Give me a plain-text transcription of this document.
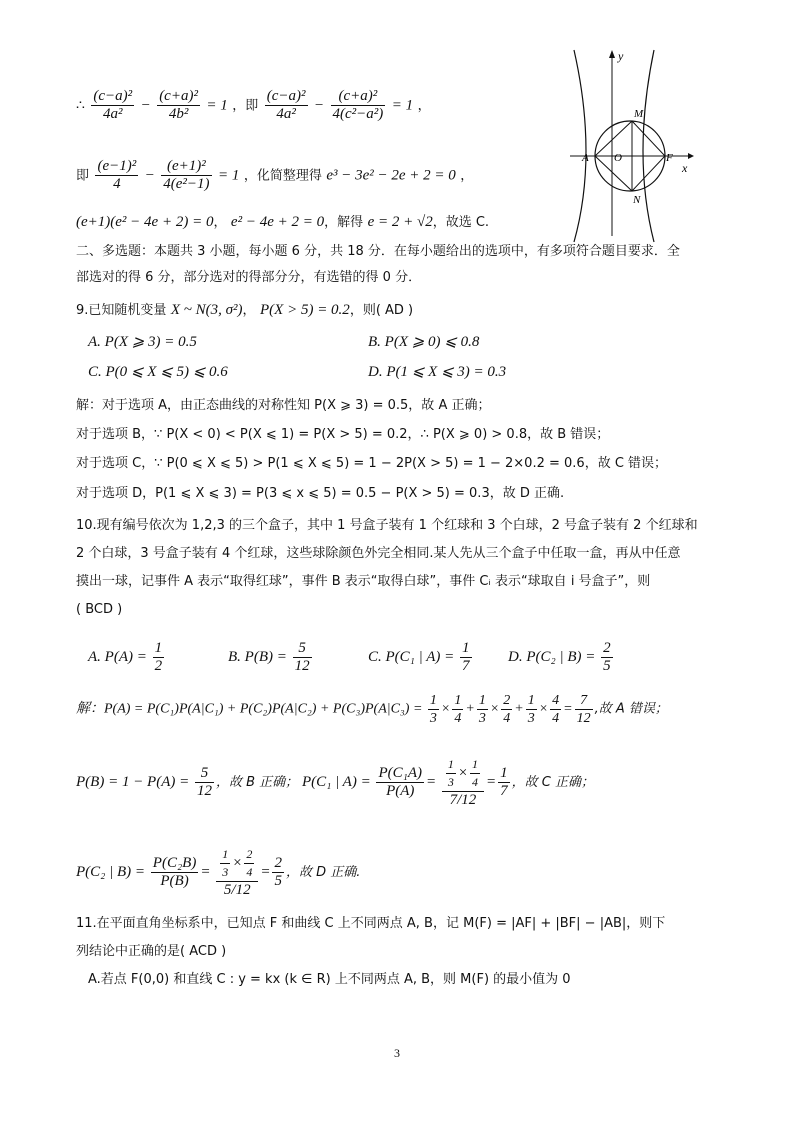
∴ $\frac{\text{(c−a)²}}{\text{4a²}} - \frac{\text{(c+a)²}}{\text{4b²}} = 1$ ，即 $\frac{\text{(c−a)²}}{\text{4a²}} - \frac{\text{(c+a)²}}{\text{4(c²−a²)}} = 1$ ，
即 $\frac{\text{(e−1)²}}{4} - \frac{\text{(e+1)²}}{\text{4(e²−1)}} = 1$ ，化简整理得 e³ − 3e² − 2e + 2 = 0 ，
(e+1)(e² − 4e + 2) = 0， e² − 4e + 2 = 0，解得 e = 2 + √2，故选 C.
y
x
M
A O	F
N
二、多选题：本题共 3 小题，每小题 6 分，共 18 分．在每小题给出的选项中，有多项符合题目要求．全
部选对的得 6 分，部分选对的得部分分，有选错的得 0 分．
9.已知随机变量 X ~ N(3, σ²)， P(X > 5) = 0.2，则( AD )
A. P(X ⩾ 3) = 0.5	B. P(X ⩾ 0) ⩽ 0.8
C. P(0 ⩽ X ⩽ 5) ⩽ 0.6	D. P(1 ⩽ X ⩽ 3) = 0.3
解：对于选项 A，由正态曲线的对称性知 P(X ⩾ 3) = 0.5，故 A 正确；
对于选项 B，∵ P(X < 0) < P(X ⩽ 1) = P(X > 5) = 0.2，∴ P(X ⩾ 0) > 0.8，故 B 错误；
对于选项 C，∵ P(0 ⩽ X ⩽ 5) > P(1 ⩽ X ⩽ 5) = 1 − 2P(X > 5) = 1 − 2×0.2 = 0.6，故 C 错误；
对于选项 D，P(1 ⩽ X ⩽ 3) = P(3 ⩽ x ⩽ 5) = 0.5 − P(X > 5) = 0.3，故 D 正确.
10.现有编号依次为 1,2,3 的三个盒子，其中 1 号盒子装有 1 个红球和 3 个白球，2 号盒子装有 2 个红球和
2 个白球，3 号盒子装有 4 个红球，这些球除颜色外完全相同.某人先从三个盒子中任取一盒，再从中任意
摸出一球，记事件 A 表示“取得红球”，事件 B 表示“取得白球”，事件 Cᵢ 表示“球取自 i 号盒子”，则
( BCD )
A. $P(A) = \frac{1}{2}$	B. $P(B) = \frac{5}{12}$	C. P(C₁ | $A) = \frac{1}{7} D$. P(C₂ | $B) = \frac{2}{5}$
解：$P(A) = P(C_1)P(A|C_1) + P(C_2)P(A|C_2) + P(C_3)P(A|C_3) = \frac{1}{3} \times \frac{1}{4} + \frac{1}{3} \times \frac{2}{4} + \frac{1}{3} \times \frac{4}{4} = \frac{7}{12}$ ,故 A 错误；
$P(B) = 1 - P(A) = \frac{5}{12}$ ，故 B 正确； P(C₁ | $A) = \frac{\text{P(C₁A)}}{P(A)} = \frac{\frac{1}{3} \times \frac{1}{4}}{7/12} = \frac{1}{7}$ ，故 C 正确；
P(C₂ | $B) = \frac{\text{P(C₂B)}}{P(B)} = \frac{\frac{1}{3} \times \frac{2}{4}}{5/12} = \frac{2}{5}$ ，故 D 正确.
11.在平面直角坐标系中，已知点 F 和曲线 C 上不同两点 A, B，记 M(F) = |AF| + |BF| − |AB|，则下
列结论中正确的是( ACD )
A.若点 F(0,0) 和直线 C : y = kx (k ∈ R) 上不同两点 A, B，则 M(F) 的最小值为 0
3
